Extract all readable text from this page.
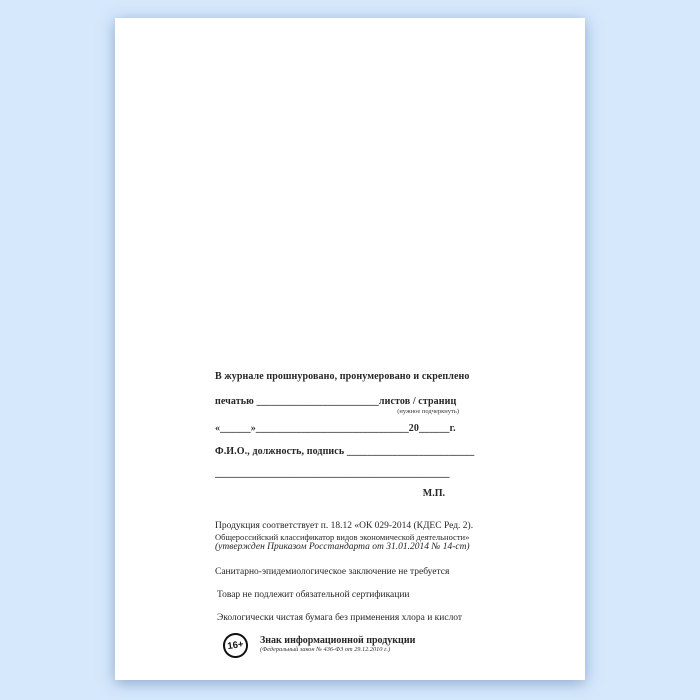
В журнале прошнуровано, пронумеровано и скреплено
печатью ________________________листов / страниц
(нужное подчеркнуть)
«______»______________________________20______г.
Ф.И.О., должность, подпись _________________________
______________________________________________
М.П.
Продукция соответствует п. 18.12 «ОК 029-2014 (КДЕС Ред. 2).
Общероссийский классификатор видов экономической деятельности»
(утвержден Приказом Росстандарта от 31.01.2014 № 14-ст)
Санитарно-эпидемиологическое заключение не требуется
Товар не подлежит обязательной сертификации
Экологически чистая бумага без применения хлора и кислот
16+	Знак информационной продукции
(Федеральный закон № 436-ФЗ от 29.12.2010 г.)
